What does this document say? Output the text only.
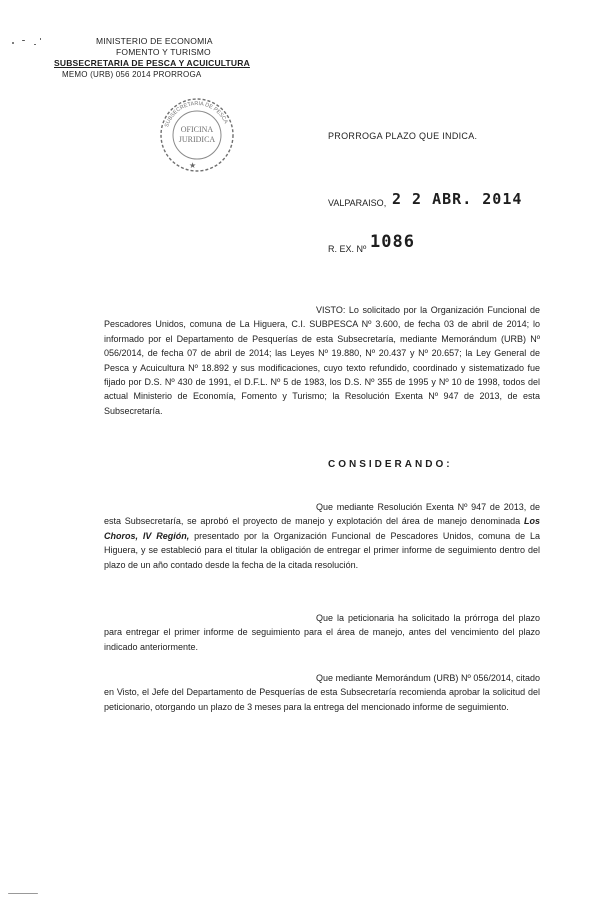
MINISTERIO DE ECONOMIA
FOMENTO Y TURISMO
SUBSECRETARIA DE PESCA Y ACUICULTURA
MEMO (URB) 056 2014 PRORROGA
OFICINA
JURIDICA
SUBSECRETARIA DE PESCA
★
PRORROGA PLAZO QUE INDICA.
VALPARAISO, 2 2 ABR. 2014
R. EX. Nº 1086
VISTO: Lo solicitado por la Organización Funcional de Pescadores Unidos, comuna de La Higuera, C.I. SUBPESCA Nº 3.600, de fecha 03 de abril de 2014; lo informado por el Departamento de Pesquerías de esta Subsecretaría, mediante Memorándum (URB) Nº 056/2014, de fecha 07 de abril de 2014; las Leyes Nº 19.880, Nº 20.437 y Nº 20.657; la Ley General de Pesca y Acuicultura Nº 18.892 y sus modificaciones, cuyo texto refundido, coordinado y sistematizado fue fijado por D.S. Nº 430 de 1991, el D.F.L. Nº 5 de 1983, los D.S. Nº 355 de 1995 y Nº 10 de 1998, todos del actual Ministerio de Economía, Fomento y Turismo; la Resolución Exenta Nº 947 de 2013, de esta Subsecretaría.
CONSIDERANDO:
Que mediante Resolución Exenta Nº 947 de 2013, de esta Subsecretaría, se aprobó el proyecto de manejo y explotación del área de manejo denominada Los Choros, IV Región, presentado por la Organización Funcional de Pescadores Unidos, comuna de La Higuera, y se estableció para el titular la obligación de entregar el primer informe de seguimiento dentro del plazo de un año contado desde la fecha de la citada resolución.
Que la peticionaria ha solicitado la prórroga del plazo para entregar el primer informe de seguimiento para el área de manejo, antes del vencimiento del plazo indicado anteriormente.
Que mediante Memorándum (URB) Nº 056/2014, citado en Visto, el Jefe del Departamento de Pesquerías de esta Subsecretaría recomienda aprobar la solicitud del peticionario, otorgando un plazo de 3 meses para la entrega del mencionado informe de seguimiento.
